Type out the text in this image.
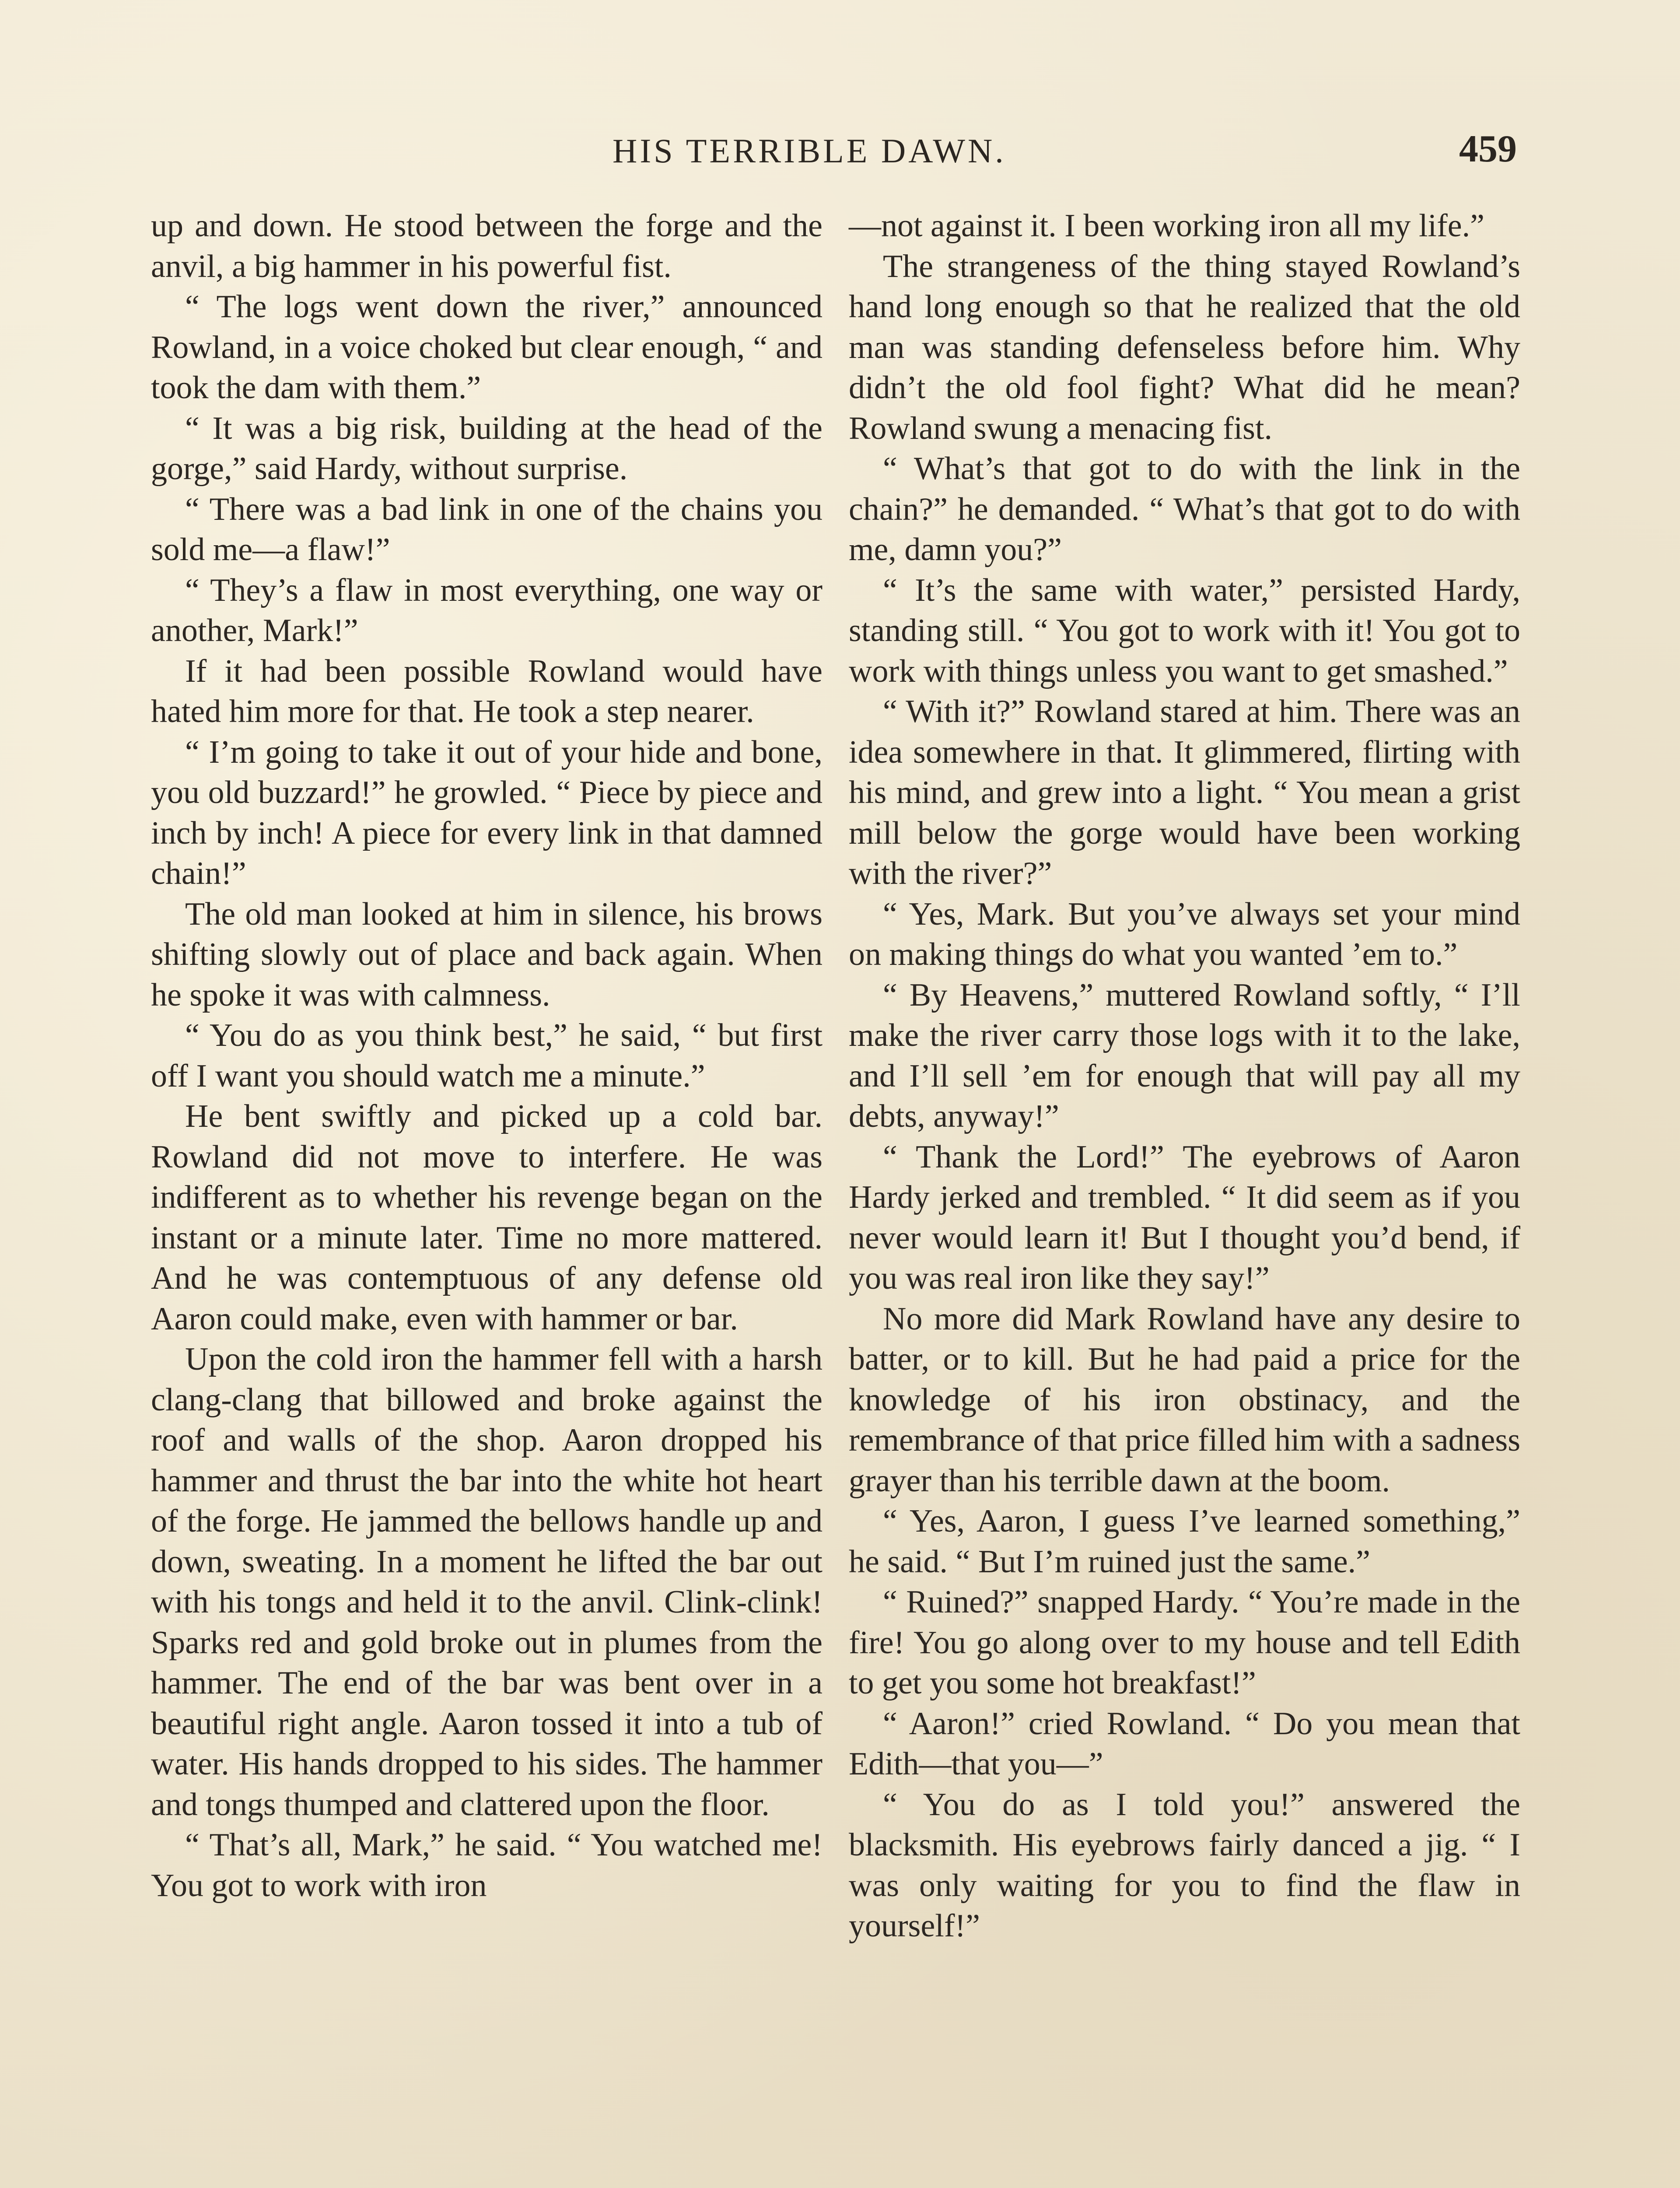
HIS TERRIBLE DAWN.	459

up and down. He stood between the forge and the anvil, a big hammer in his powerful fist.

“ The logs went down the river,” announced Rowland, in a voice choked but clear enough, “ and took the dam with them.”

“ It was a big risk, building at the head of the gorge,” said Hardy, without surprise.

“ There was a bad link in one of the chains you sold me—a flaw!”

“ They’s a flaw in most everything, one way or another, Mark!”

If it had been possible Rowland would have hated him more for that. He took a step nearer.

“ I’m going to take it out of your hide and bone, you old buzzard!” he growled. “ Piece by piece and inch by inch! A piece for every link in that damned chain!”

The old man looked at him in silence, his brows shifting slowly out of place and back again. When he spoke it was with calmness.

“ You do as you think best,” he said, “ but first off I want you should watch me a minute.”

He bent swiftly and picked up a cold bar. Rowland did not move to interfere. He was indifferent as to whether his revenge began on the instant or a minute later. Time no more mattered. And he was contemptuous of any defense old Aaron could make, even with hammer or bar.

Upon the cold iron the hammer fell with a harsh clang-clang that billowed and broke against the roof and walls of the shop. Aaron dropped his hammer and thrust the bar into the white hot heart of the forge. He jammed the bellows handle up and down, sweating. In a moment he lifted the bar out with his tongs and held it to the anvil. Clink-clink! Sparks red and gold broke out in plumes from the hammer. The end of the bar was bent over in a beautiful right angle. Aaron tossed it into a tub of water. His hands dropped to his sides. The hammer and tongs thumped and clattered upon the floor.

“ That’s all, Mark,” he said. “ You watched me! You got to work with iron

—not against it. I been working iron all my life.”

The strangeness of the thing stayed Rowland’s hand long enough so that he realized that the old man was standing defenseless before him. Why didn’t the old fool fight? What did he mean? Rowland swung a menacing fist.

“ What’s that got to do with the link in the chain?” he demanded. “ What’s that got to do with me, damn you?”

“ It’s the same with water,” persisted Hardy, standing still. “ You got to work with it! You got to work with things unless you want to get smashed.”

“ With it?” Rowland stared at him. There was an idea somewhere in that. It glimmered, flirting with his mind, and grew into a light. “ You mean a grist mill below the gorge would have been working with the river?”

“ Yes, Mark. But you’ve always set your mind on making things do what you wanted ’em to.”

“ By Heavens,” muttered Rowland softly, “ I’ll make the river carry those logs with it to the lake, and I’ll sell ’em for enough that will pay all my debts, anyway!”

“ Thank the Lord!” The eyebrows of Aaron Hardy jerked and trembled. “ It did seem as if you never would learn it! But I thought you’d bend, if you was real iron like they say!”

No more did Mark Rowland have any desire to batter, or to kill. But he had paid a price for the knowledge of his iron obstinacy, and the remembrance of that price filled him with a sadness grayer than his terrible dawn at the boom.

“ Yes, Aaron, I guess I’ve learned something,” he said. “ But I’m ruined just the same.”

“ Ruined?” snapped Hardy. “ You’re made in the fire! You go along over to my house and tell Edith to get you some hot breakfast!”

“ Aaron!” cried Rowland. “ Do you mean that Edith—that you—”

“ You do as I told you!” answered the blacksmith. His eyebrows fairly danced a jig. “ I was only waiting for you to find the flaw in yourself!”
